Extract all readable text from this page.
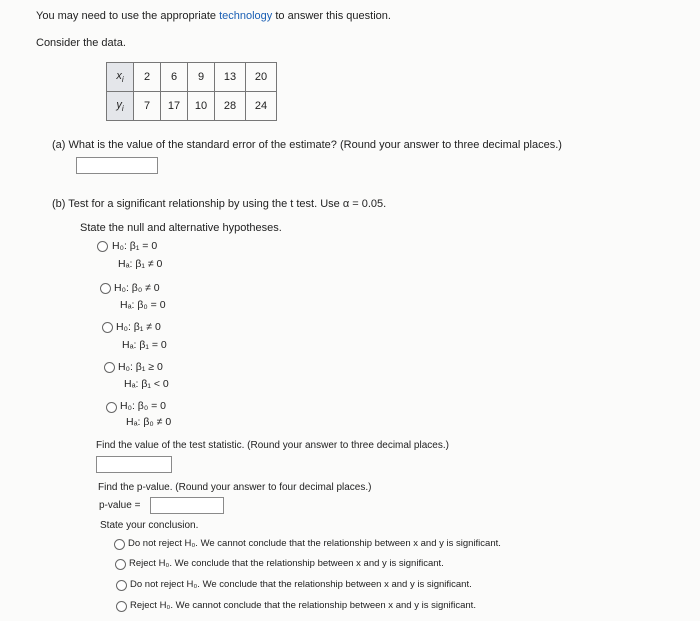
You may need to use the appropriate technology to answer this question.
Consider the data.
$x_i$	2	6	9	13	20
$y_i$	7	17	10	28	24
(a) What is the value of the standard error of the estimate? (Round your answer to three decimal places.)
(b) Test for a significant relationship by using the t test. Use α = 0.05.
State the null and alternative hypotheses.
H₀: β₁ = 0
Hₐ: β₁ ≠ 0
H₀: β₀ ≠ 0
Hₐ: β₀ = 0
H₀: β₁ ≠ 0
Hₐ: β₁ = 0
H₀: β₁ ≥ 0
Hₐ: β₁ < 0
H₀: β₀ = 0
Hₐ: β₀ ≠ 0
Find the value of the test statistic. (Round your answer to three decimal places.)
Find the p-value. (Round your answer to four decimal places.)
p-value =
State your conclusion.
Do not reject H₀. We cannot conclude that the relationship between x and y is significant.
Reject H₀. We conclude that the relationship between x and y is significant.
Do not reject H₀. We conclude that the relationship between x and y is significant.
Reject H₀. We cannot conclude that the relationship between x and y is significant.
